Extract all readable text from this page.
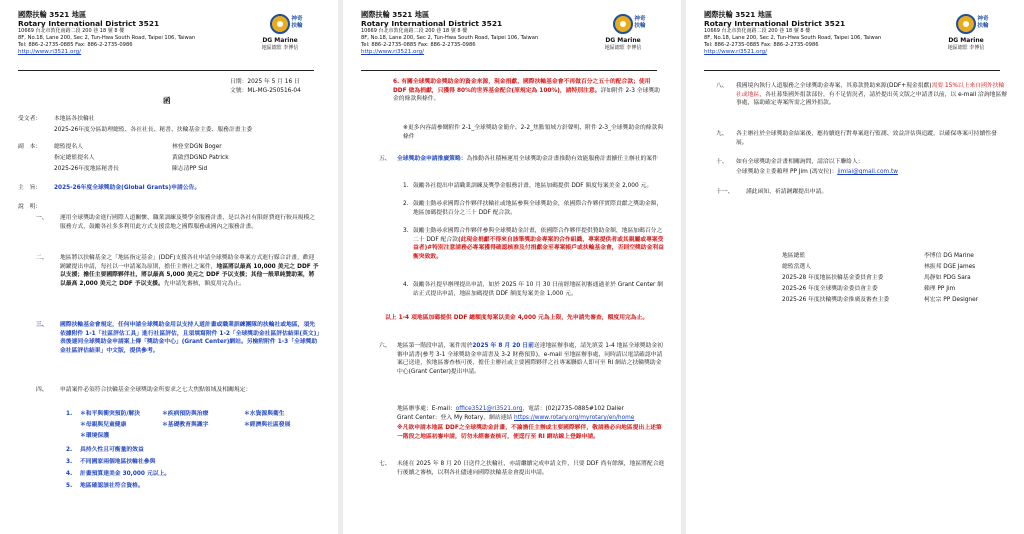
國際扶輪 3521 地區
Rotary International District 3521
10669 台北市敦化南路二段 200 巷 18 號 8 樓
8F, No.18, Lane 200, Sec 2, Tun-Hwa South Road, Taipei 106, Taiwan
Tel: 886-2-2735-0885 Fax: 886-2-2735-0986
http://www.ri3521.org/
神奇扶輪
DG Marine
地區總監 李博信
日期：2025 年 5 月 16 日
文號：ML-MG-250516-04
函
受文者： 本地區各扶輪社
2025-26年度分區助理總監、各社社長、秘書、扶輪基金主委、服務計畫主委
副　本： 總監提名人	林登堂DGN Boger
指定總監提名人	黃啟烈DGND Patrick
2025-26年度地區秘書長	陳志清PP Sid
主　旨： 2025-26年度全球獎助金(Global Grants)申請公告。
說　明：
一、 運用全球獎助金進行國際人道關懷、職業訓練及獎學金服務計畫，是以各社有限經費進行較具規模之服務方式，鼓勵各社多多利用此方式支援當地之國際服務或國內之服務計畫。
二、 地區將以扶輪基金之「地區指定基金」(DDF)支援各社申請全球獎助金專案方式進行媒合計畫，歡迎踴躍提出申請，每社以一申請案為原則，擔任主辦社之案件，地區將以最高 10,000 美元之 DDF 予以支援；擔任主要國際夥伴社，將以最高 5,000 美元之 DDF 予以支援；其他一般單純贊助案，將以最高 2,000 美元之 DDF 予以支援。先申請先審核，額度用完為止。
三、 國際扶輪基金會規定，任何申請全球獎助金用以支持人道計畫或職業訓練團隊的扶輪社或地區，須先依據附件 1-1「社區評估工具」進行社區評估，且須填寫附件 1-2「全球獎助金社區評估結果(英文)」表後連同全球獎助金申請案上傳「獎助金中心」(Grant Center)網站。另檢附附件 1-3「全球獎助金社區評估結果」中文版，提供參考。
四、 申請案件必須符合扶輪基金全球獎助金所要求之七大焦點領域及相關規定：
1. ＊和平與衝突預防/解決	＊疾病預防與治療	＊水資源與衛生
＊母親與兒童健康	＊基礎教育與識字	＊經濟與社區發展
＊環境保護
2. 具持久性且可衡量的效益
3. 不同國家兩個地區扶輪社參與
4. 計畫預算達美金 30,000 元以上。
5. 地區確認該社符合資格。
國際扶輪 3521 地區
Rotary International District 3521
10669 台北市敦化南路二段 200 巷 18 號 8 樓
8F, No.18, Lane 200, Sec 2, Tun-Hwa South Road, Taipei 106, Taiwan
Tel: 886-2-2735-0885 Fax: 886-2-2735-0986
http://www.ri3521.org/
神奇扶輪
DG Marine
地區總監 李博信
6. 有關全球獎助金獎助金的資金來源，現金捐獻，國際扶輪基金會不再做百分之五十的配合款；使用 DDF 做為捐獻，只獲得 80%的世界基金配合(原規定為 100%)，請特別注意。詳如附件 2-3 全球獎助金的條款與條件。
※更多內容請參閱附件 2-1_全球獎助金簡介、2-2_焦點領域方針聲明、附件 2-3_全球獎助金的條款與條件
五、 全球獎助金申請推廣策略：為推動各社積極運用全球獎助金計畫推動有效能服務計畫擴任主辦社的案件
1. 鼓勵各社提出申請職業訓練及獎學金服務計畫，地區加碼提供 DDF 額度每案美金 2,000 元。
2. 鼓勵主動尋求國際合作夥伴扶輪社或地區參與全球獎助金，依國際合作夥伴實際貢獻之獎助金額，地區加碼提供百分之三十 DDF 配合款。
3. 鼓勵主動尋求國際合作夥伴參與全球獎助金計畫，依國際合作夥伴提供贊助金額，地區加碼百分之二十 DDF 配合款(此現金捐獻不得來自該筆獎助金專案的合作組織，專案提供者或其親屬或專案受益者)#特別注意請務必專案獲得確認核准及付捐獻金至專案帳戶或扶輪基金會，否則空獎助金利益衡突致敗。
4. 鼓勵各社提早辦理提出申請，如於 2025 年 10 月 30 日前經地區初審通過並於 Grant Center 網站正式提出申請，地區加碼提供 DDF 額度每案美金 1,000 元。
以上 1-4 項地區加碼提供 DDF 總額度每案以美金 4,000 元為上限，先申請先審查，額度用完為止。
六、 地區第一階段申請，案件需於2025 年 8 月 20 日前送達地區辦事處，請先填妥 1-4 地區全球獎助金初審申請書(參考 3-1 全球獎助金申請書及 3-2 財務預算)，e-mail 至地區辦事處，同時請以電話確認申請案已送達，俟地區審查核可後，擔任主辦社或主要國際夥伴之社專案聯絡人即可至 RI 網站之扶輪獎助金中心(Grant Center)提出申請。
地區辦事處：E-mail：office3521@ri3521.org，電話：(02)2735-0885#102 Dalier
Grant Center：登入 My Rotary，網站連結 https://www.rotary.org/myrotary/en/home
※凡欲申請本地區 DDF之全球獎助金計畫，不論擔任主辦或主要國際夥伴，敬請務必向地區提出上述第一階段之地區初審申請，切勿未經審查核可，便逕行至 RI 網站線上登錄申請。
七、 未能在 2025 年 8 月 20 日送件之扶輪社，亦請繼續完成申請文件，只要 DDF 尚有餘額，地區將配合進行後續之審核，以利各社儘速向國際扶輪基金會提出申請。
國際扶輪 3521 地區
Rotary International District 3521
10669 台北市敦化南路二段 200 巷 18 號 8 樓
8F, No.18, Lane 200, Sec 2, Tun-Hwa South Road, Taipei 106, Taiwan
Tel: 886-2-2735-0885 Fax: 886-2-2735-0986
http://www.ri3521.org/
神奇扶輪
DG Marine
地區總監 李博信
八、 我國境內執行人道服務之全球獎助金專案，其募款贊助來源(DDF+現金捐獻)需要 15%以上來自國外扶輪社或地區，各社募集國外捐款部份，有不足情況者，請於提出英文版之申請書以前，以 e-mail 洽詢地區辦事處，協助確定專案所需之國外捐款。
九、 各主辦社於全球獎助金結案後，應持續進行對專案進行監測、效益評估與追蹤，以確保專案可持續性發展。
十、 如有全球獎助金計畫相關詢問，請洽以下聯絡人：
全球獎助金主委賴理 PP Jim (馮安拉)：jimlai@gmail.com.tw
十一、 謹此函知，祈請踴躍提出申請。
地區總監	李博信 DG Marine
總監當選人	林振邦 DGE James
2025-28 年度地區扶輪基金委員會主委	馬靜如 PDG Sara
2025-26 年度全球獎助金委員會主委	賴理 PP Jim
2025-26 年度扶輪獎助金推廣及審查主委	柯宏宗 PP Designer
